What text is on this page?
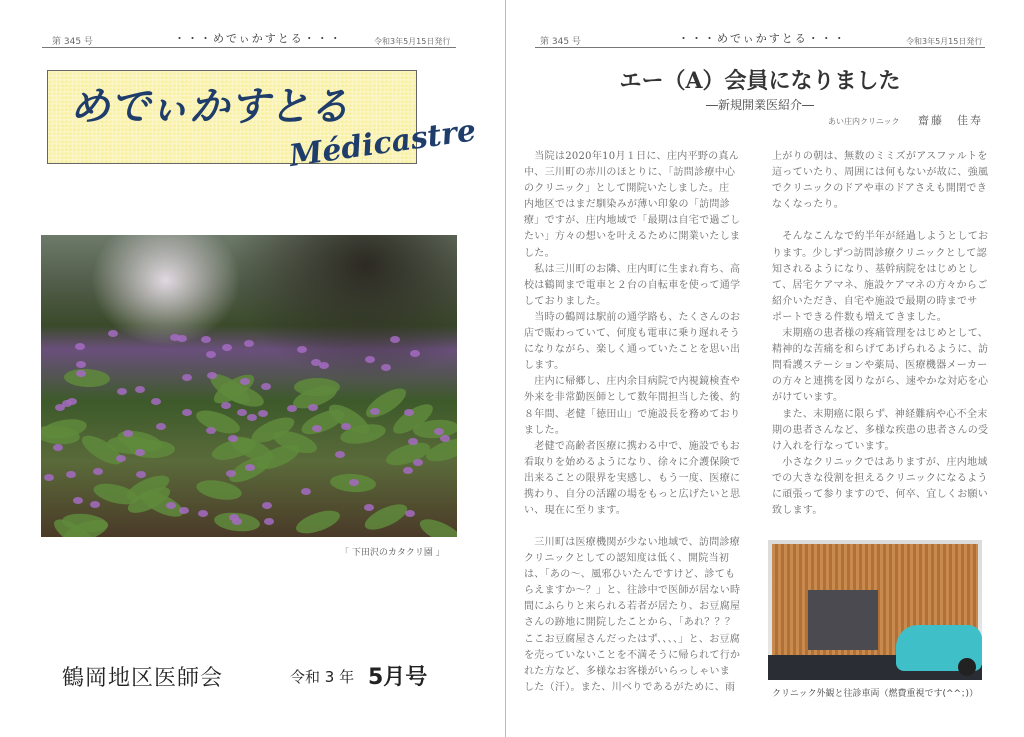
第 345 号	・・・めでぃかすとる・・・	令和3年5月15日発行
めでぃかすとる
Médicastre
「 下田沢のカタクリ園 」
鶴岡地区医師会	令和 3 年 5月号
第 345 号	・・・めでぃかすとる・・・	令和3年5月15日発行
エー（A）会員になりました
―新規開業医紹介―
あい庄内クリニック 齋藤　佳寿
　当院は2020年10月１日に、庄内平野の真ん
中、三川町の赤川のほとりに、「訪問診療中心
のクリニック」として開院いたしました。庄
内地区ではまだ馴染みが薄い印象の「訪問診
療」ですが、庄内地域で「最期は自宅で過ごし
たい」方々の想いを叶えるために開業いたしま
した。
　私は三川町のお隣、庄内町に生まれ育ち、高
校は鶴岡まで電車と２台の自転車を使って通学
しておりました。
　当時の鶴岡は駅前の通学路も、たくさんのお
店で賑わっていて、何度も電車に乗り遅れそう
になりながら、楽しく通っていたことを思い出
します。
　庄内に帰郷し、庄内余目病院で内視鏡検査や
外来を非常勤医師として数年間担当した後、約
８年間、老健「徳田山」で施設長を務めており
ました。
　老健で高齢者医療に携わる中で、施設でもお
看取りを始めるようになり、徐々に介護保険で
出来ることの限界を実感し、もう一度、医療に
携わり、自分の活躍の場をもっと広げたいと思
い、現在に至ります。
　三川町は医療機関が少ない地域で、訪問診療
クリニックとしての認知度は低く、開院当初
は、「あの〜、風邪ひいたんですけど、診ても
らえますか〜？」と、往診中で医師が居ない時
間にふらりと来られる若者が居たり、お豆腐屋
さんの跡地に開院したことから、「あれ？？？
ここお豆腐屋さんだったはず、、、、」と、お豆腐
を売っていないことを不満そうに帰られて行か
れた方など、多様なお客様がいらっしゃいま
した（汗）。また、川べりであるがために、雨
上がりの朝は、無数のミミズがアスファルトを
這っていたり、周囲には何もないが故に、強風
でクリニックのドアや車のドアさえも開閉でき
なくなったり。
　そんなこんなで約半年が経過しようとしてお
ります。少しずつ訪問診療クリニックとして認
知されるようになり、基幹病院をはじめとし
て、居宅ケアマネ、施設ケアマネの方々からご
紹介いただき、自宅や施設で最期の時までサ
ポートできる件数も増えてきました。
　末期癌の患者様の疼痛管理をはじめとして、
精神的な苦痛を和らげてあげられるように、訪
問看護ステーションや薬局、医療機器メーカー
の方々と連携を図りながら、速やかな対応を心
がけています。
　また、末期癌に限らず、神経難病や心不全末
期の患者さんなど、多様な疾患の患者さんの受
け入れを行なっています。
　小さなクリニックではありますが、庄内地域
での大きな役割を担えるクリニックになるよう
に頑張って参りますので、何卒、宜しくお願い
致します。
クリニック外観と往診車両（燃費重視です(^^；)）
